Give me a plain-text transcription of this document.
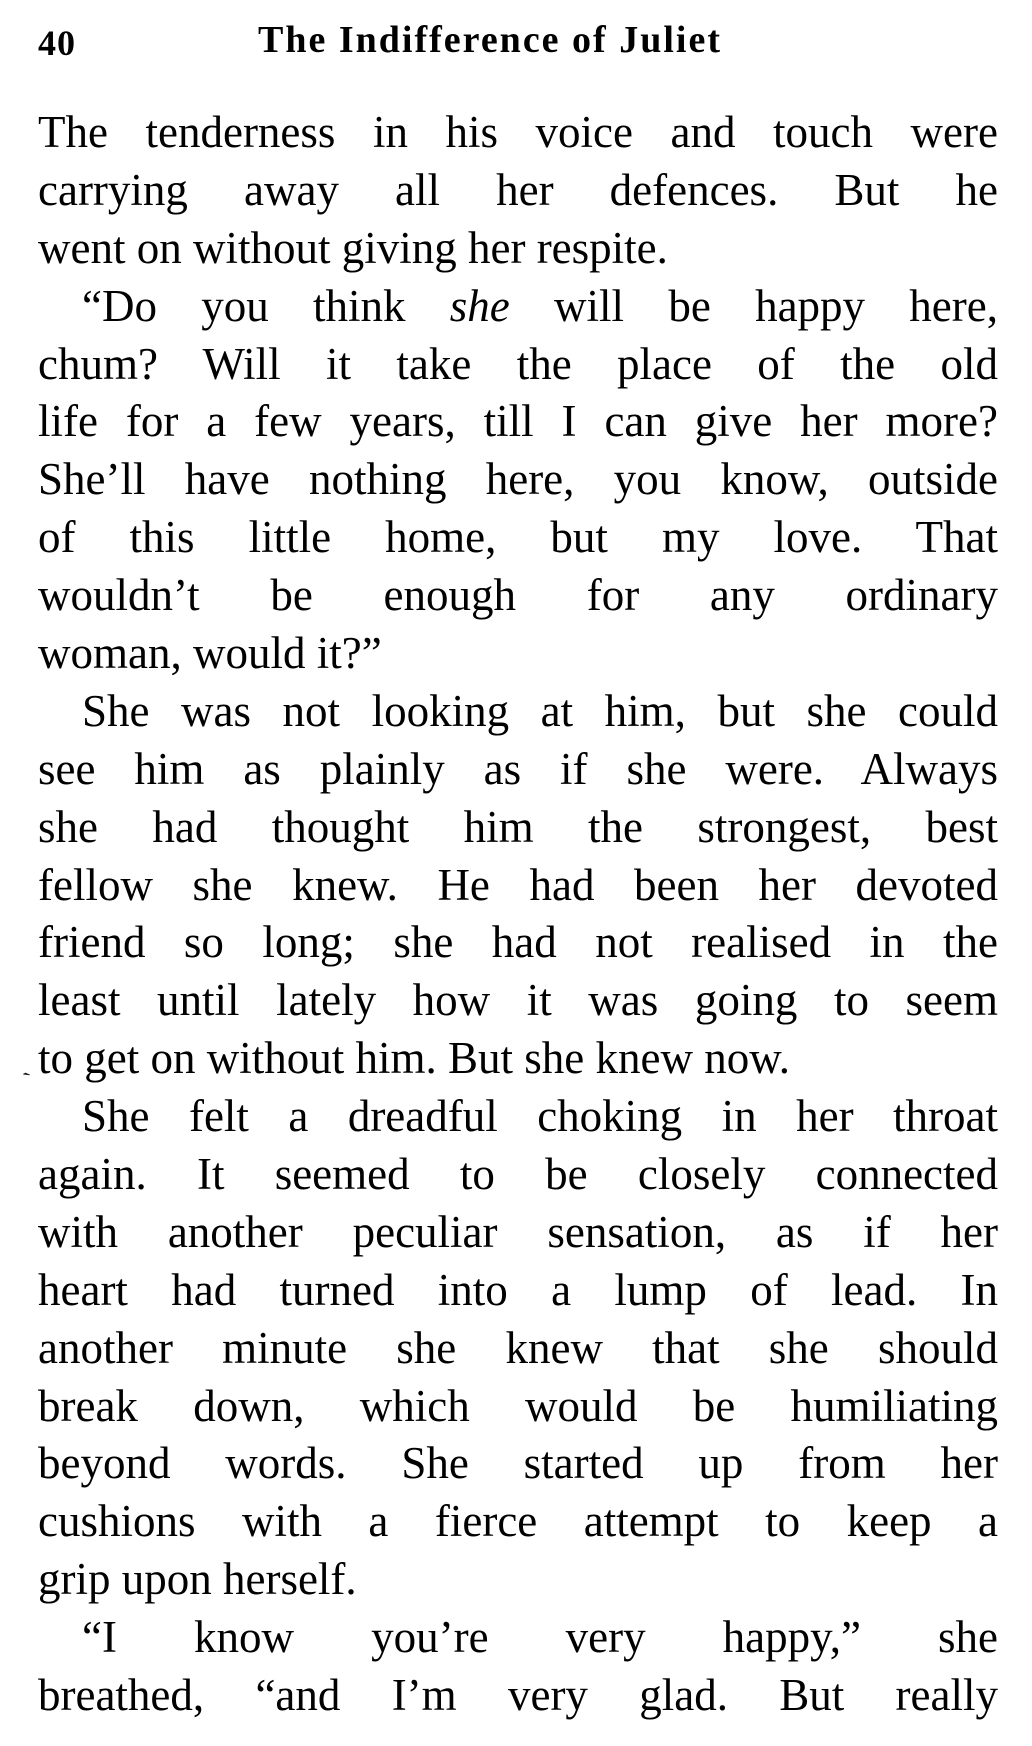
40	The Indifference of Juliet
ˎ
The tenderness in his voice and touch were
carrying away all her defences. But he
went on without giving her respite.
“Do you think she will be happy here,
chum? Will it take the place of the old
life for a few years, till I can give her more?
She’ll have nothing here, you know, outside
of this little home, but my love. That
wouldn’t be enough for any ordinary
woman, would it?”
She was not looking at him, but she could
see him as plainly as if she were. Always
she had thought him the strongest, best
fellow she knew. He had been her devoted
friend so long; she had not realised in the
least until lately how it was going to seem
to get on without him. But she knew now.
She felt a dreadful choking in her throat
again. It seemed to be closely connected
with another peculiar sensation, as if her
heart had turned into a lump of lead. In
another minute she knew that she should
break down, which would be humiliating
beyond words. She started up from her
cushions with a fierce attempt to keep a
grip upon herself.
“I know you’re very happy,” she
breathed, “and I’m very glad. But really
